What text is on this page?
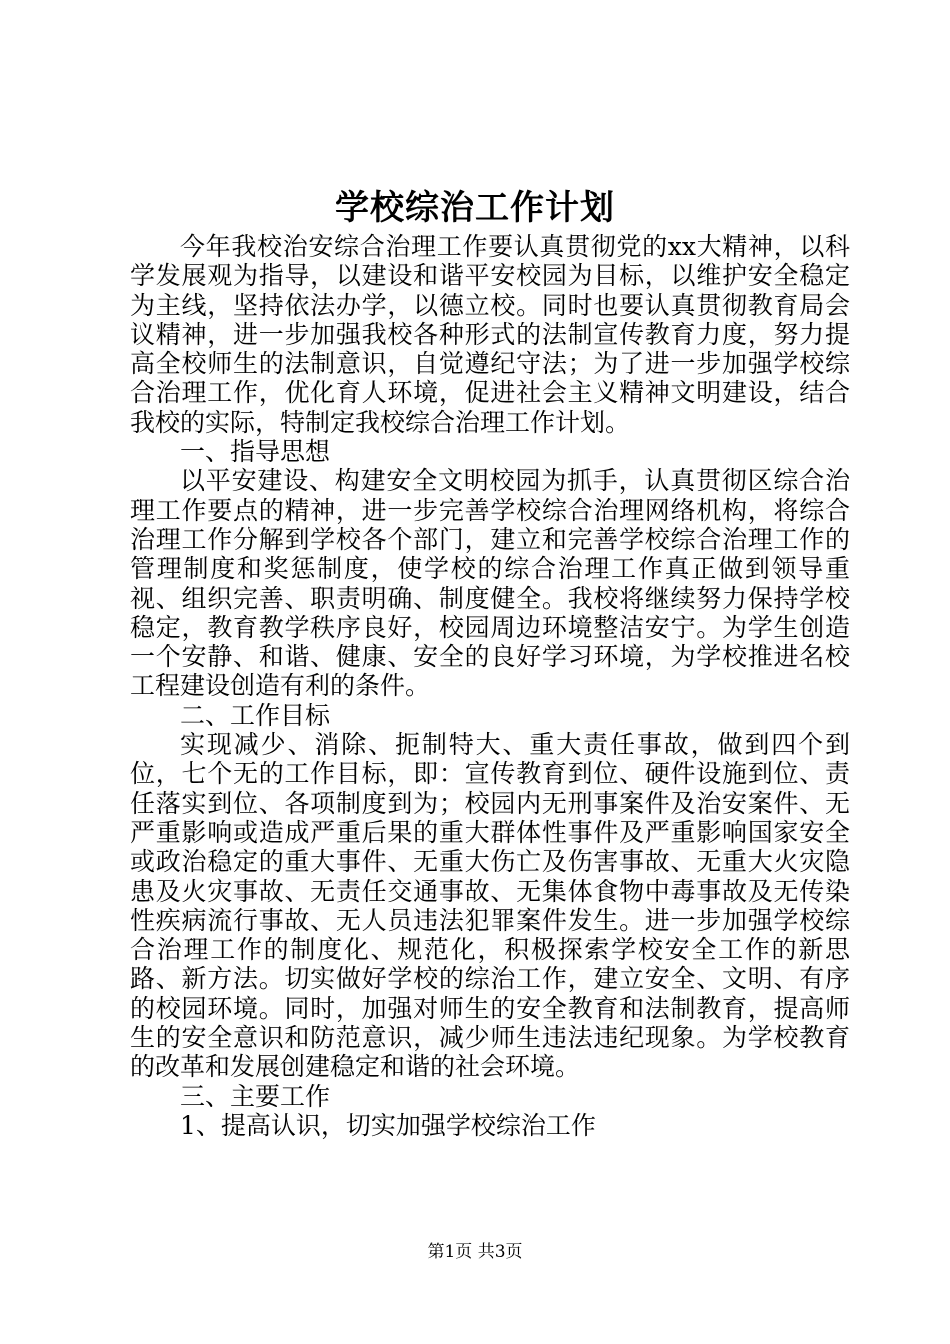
学校综治工作计划

今年我校治安综合治理工作要认真贯彻党的xx大精神，以科学发展观为指导，以建设和谐平安校园为目标，以维护安全稳定为主线，坚持依法办学，以德立校。同时也要认真贯彻教育局会议精神，进一步加强我校各种形式的法制宣传教育力度，努力提高全校师生的法制意识，自觉遵纪守法；为了进一步加强学校综合治理工作，优化育人环境，促进社会主义精神文明建设，结合我校的实际，特制定我校综合治理工作计划。

一、指导思想

以平安建设、构建安全文明校园为抓手，认真贯彻区综合治理工作要点的精神，进一步完善学校综合治理网络机构，将综合治理工作分解到学校各个部门，建立和完善学校综合治理工作的管理制度和奖惩制度，使学校的综合治理工作真正做到领导重视、组织完善、职责明确、制度健全。我校将继续努力保持学校稳定，教育教学秩序良好，校园周边环境整洁安宁。为学生创造一个安静、和谐、健康、安全的良好学习环境，为学校推进名校工程建设创造有利的条件。

二、工作目标

实现减少、消除、扼制特大、重大责任事故，做到四个到位，七个无的工作目标，即：宣传教育到位、硬件设施到位、责任落实到位、各项制度到为；校园内无刑事案件及治安案件、无严重影响或造成严重后果的重大群体性事件及严重影响国家安全或政治稳定的重大事件、无重大伤亡及伤害事故、无重大火灾隐患及火灾事故、无责任交通事故、无集体食物中毒事故及无传染性疾病流行事故、无人员违法犯罪案件发生。进一步加强学校综合治理工作的制度化、规范化，积极探索学校安全工作的新思路、新方法。切实做好学校的综治工作，建立安全、文明、有序的校园环境。同时，加强对师生的安全教育和法制教育，提高师生的安全意识和防范意识，减少师生违法违纪现象。为学校教育的改革和发展创建稳定和谐的社会环境。

三、主要工作

1、提高认识，切实加强学校综治工作

第1页 共3页
